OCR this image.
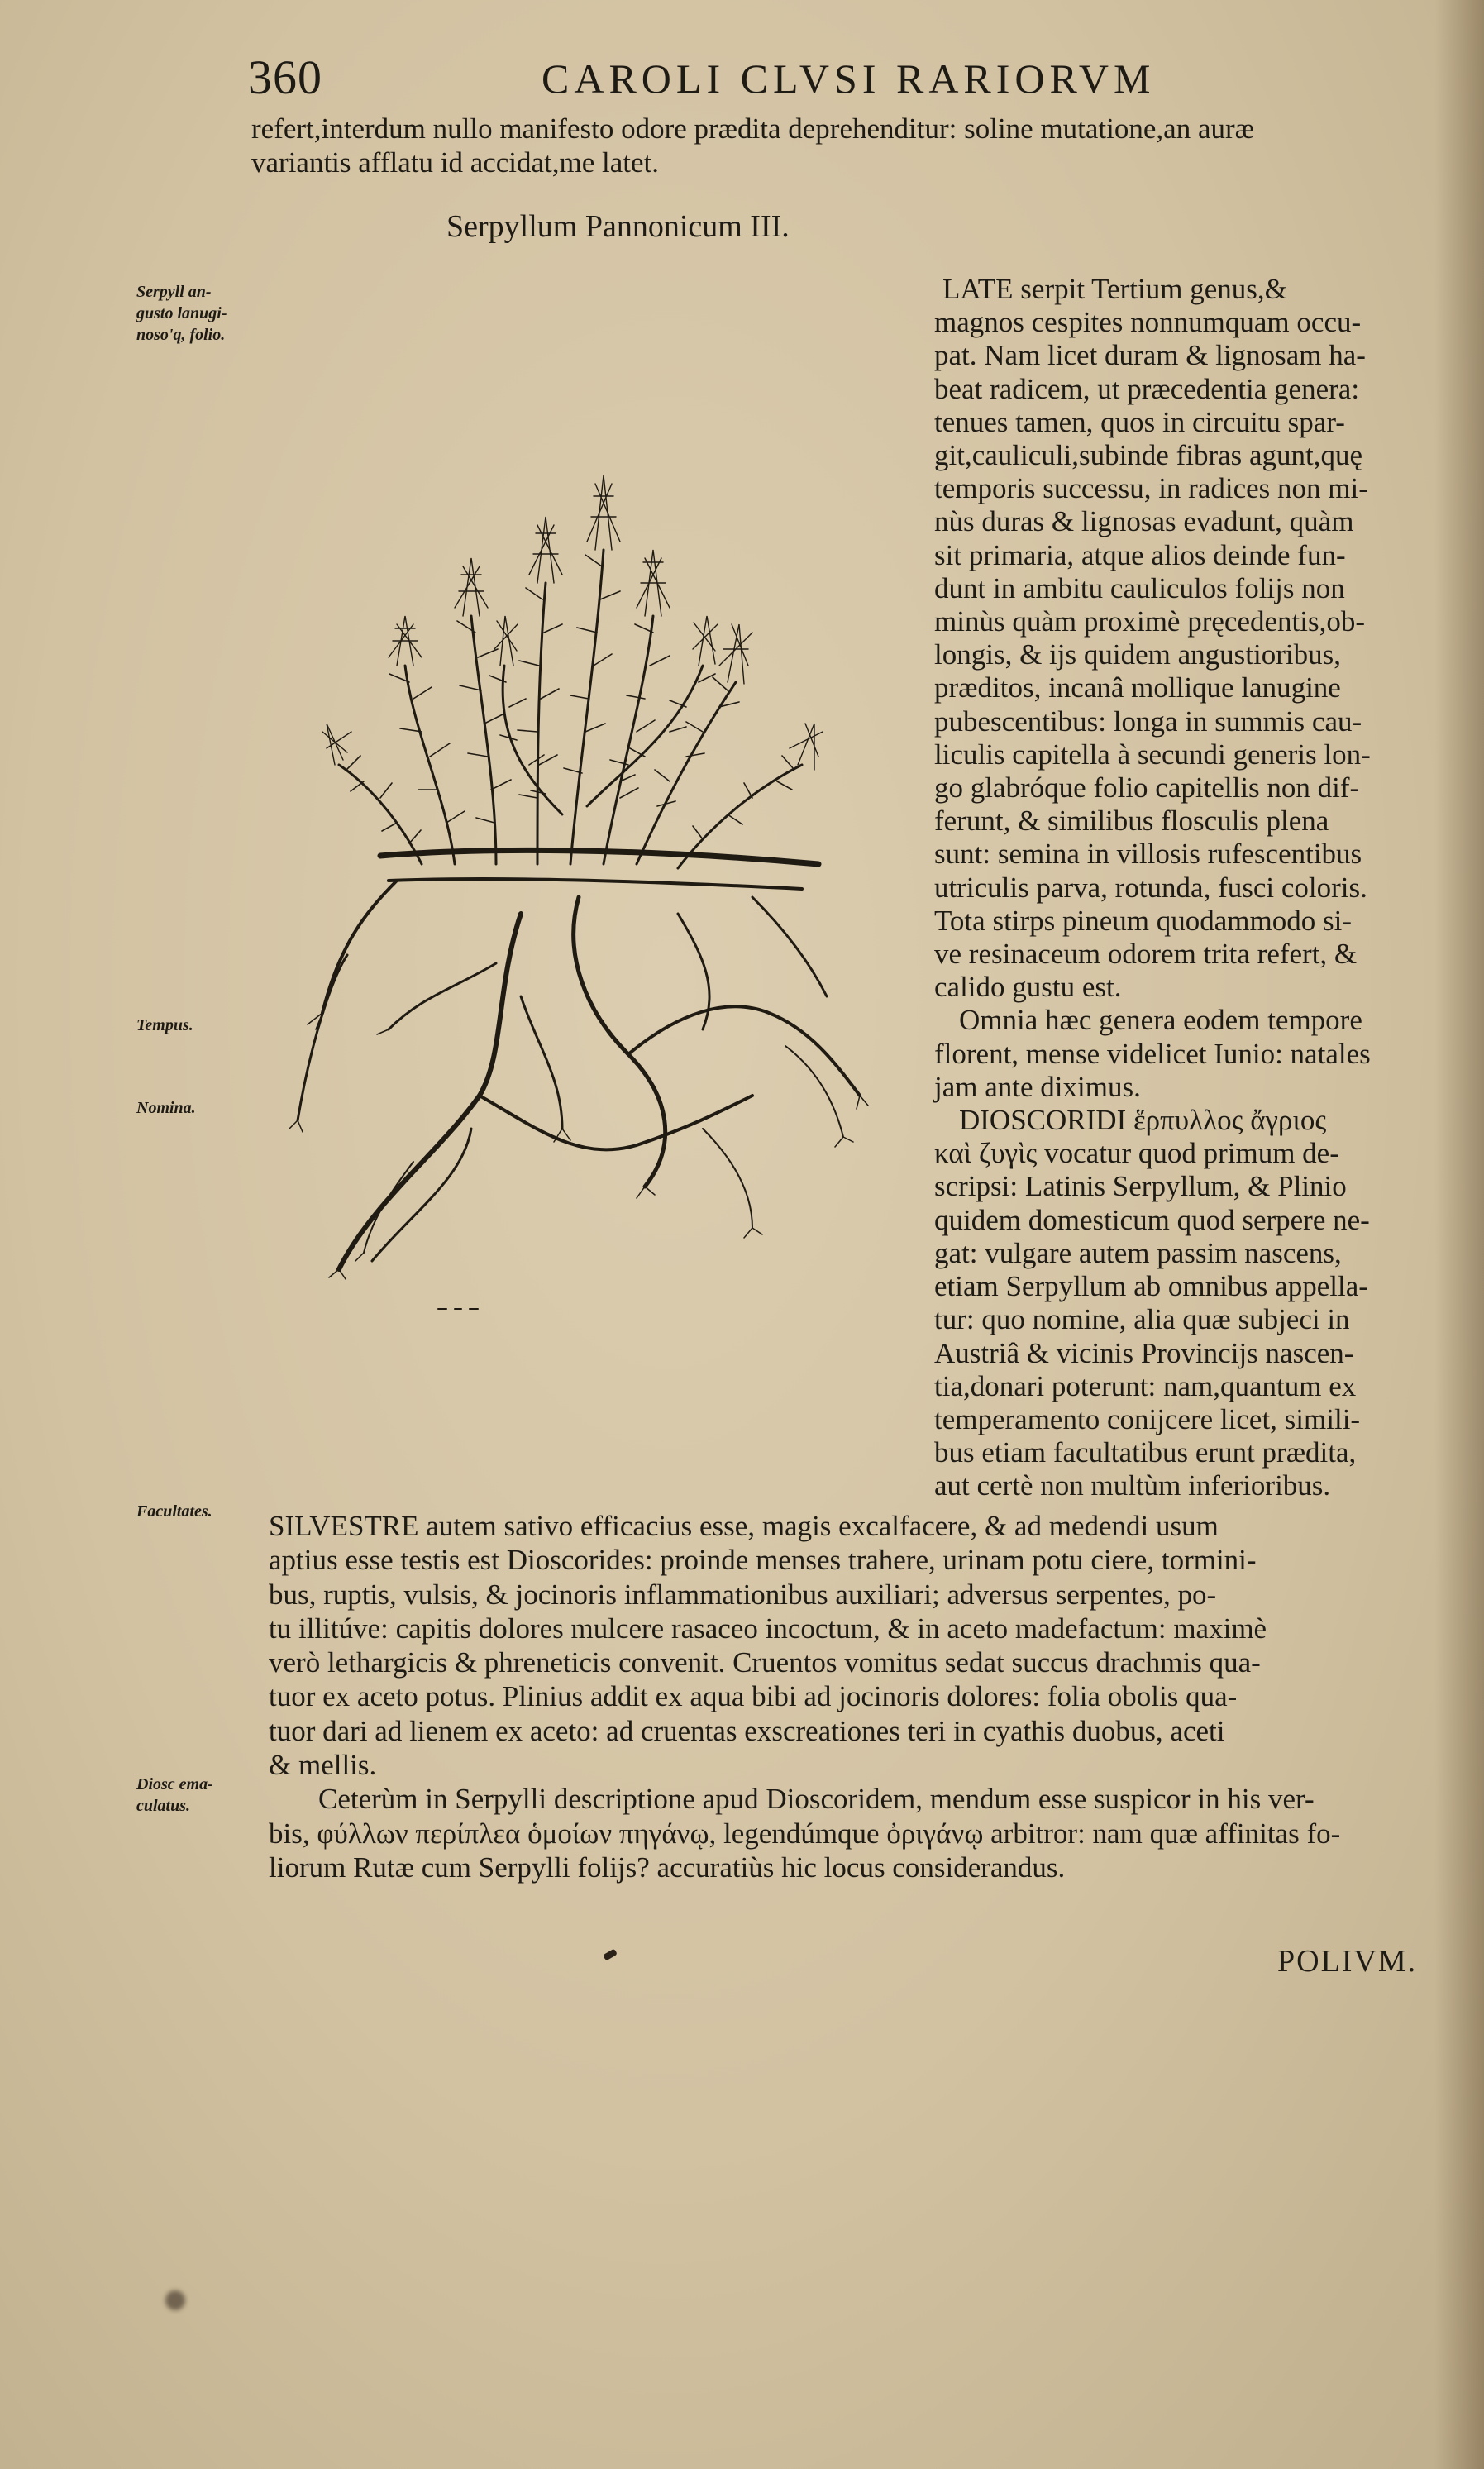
360	CAROLI CLVSI RARIORVM
refert,interdum nullo manifesto odore prædita deprehenditur: soline mutatione,an auræ
variantis afflatu id accidat,me latet.
Serpyllum Pannonicum III.
Serpyll an-
gusto lanugi-
noso'q, folio.
Tempus.
Nomina.
Facultates.
Diosc ema-
culatus.
LATE serpit Tertium genus,&
magnos cespites nonnumquam occu-
pat. Nam licet duram & lignosam ha-
beat radicem, ut præcedentia genera:
tenues tamen, quos in circuitu spar-
git,cauliculi,subinde fibras agunt,quę
temporis successu, in radices non mi-
nùs duras & lignosas evadunt, quàm
sit primaria, atque alios deinde fun-
dunt in ambitu cauliculos folijs non
minùs quàm proximè pręcedentis,ob-
longis, & ijs quidem angustioribus,
præditos, incanâ mollique lanugine
pubescentibus: longa in summis cau-
liculis capitella à secundi generis lon-
go glabróque folio capitellis non dif-
ferunt, & similibus flosculis plena
sunt: semina in villosis rufescentibus
utriculis parva, rotunda, fusci coloris.
Tota stirps pineum quodammodo si-
ve resinaceum odorem trita refert, &
calido gustu est.
Omnia hæc genera eodem tempore
florent, mense videlicet Iunio: natales
jam ante diximus.
DIOSCORIDI ἕρπυλλος ἄγριος
καὶ ζυγὶς vocatur quod primum de-
scripsi: Latinis Serpyllum, & Plinio
quidem domesticum quod serpere ne-
gat: vulgare autem passim nascens,
etiam Serpyllum ab omnibus appella-
tur: quo nomine, alia quæ subjeci in
Austriâ & vicinis Provincijs nascen-
tia,donari poterunt: nam,quantum ex
temperamento conijcere licet, simili-
bus etiam facultatibus erunt prædita,
aut certè non multùm inferioribus.
SILVESTRE autem sativo efficacius esse, magis excalfacere, & ad medendi usum
aptius esse testis est Dioscorides: proinde menses trahere, urinam potu ciere, tormini-
bus, ruptis, vulsis, & jocinoris inflammationibus auxiliari; adversus serpentes, po-
tu illitúve: capitis dolores mulcere rasaceo incoctum, & in aceto madefactum: maximè
verò lethargicis & phreneticis convenit. Cruentos vomitus sedat succus drachmis qua-
tuor ex aceto potus. Plinius addit ex aqua bibi ad jocinoris dolores: folia obolis qua-
tuor dari ad lienem ex aceto: ad cruentas exscreationes teri in cyathis duobus, aceti
& mellis.
Ceterùm in Serpylli descriptione apud Dioscoridem, mendum esse suspicor in his ver-
bis, φύλλων περίπλεα ὁμοίων πηγάνῳ, legendúmque ὀριγάνῳ arbitror: nam quæ affinitas fo-
liorum Rutæ cum Serpylli folijs? accuratiùs hic locus considerandus.
POLIVM.
